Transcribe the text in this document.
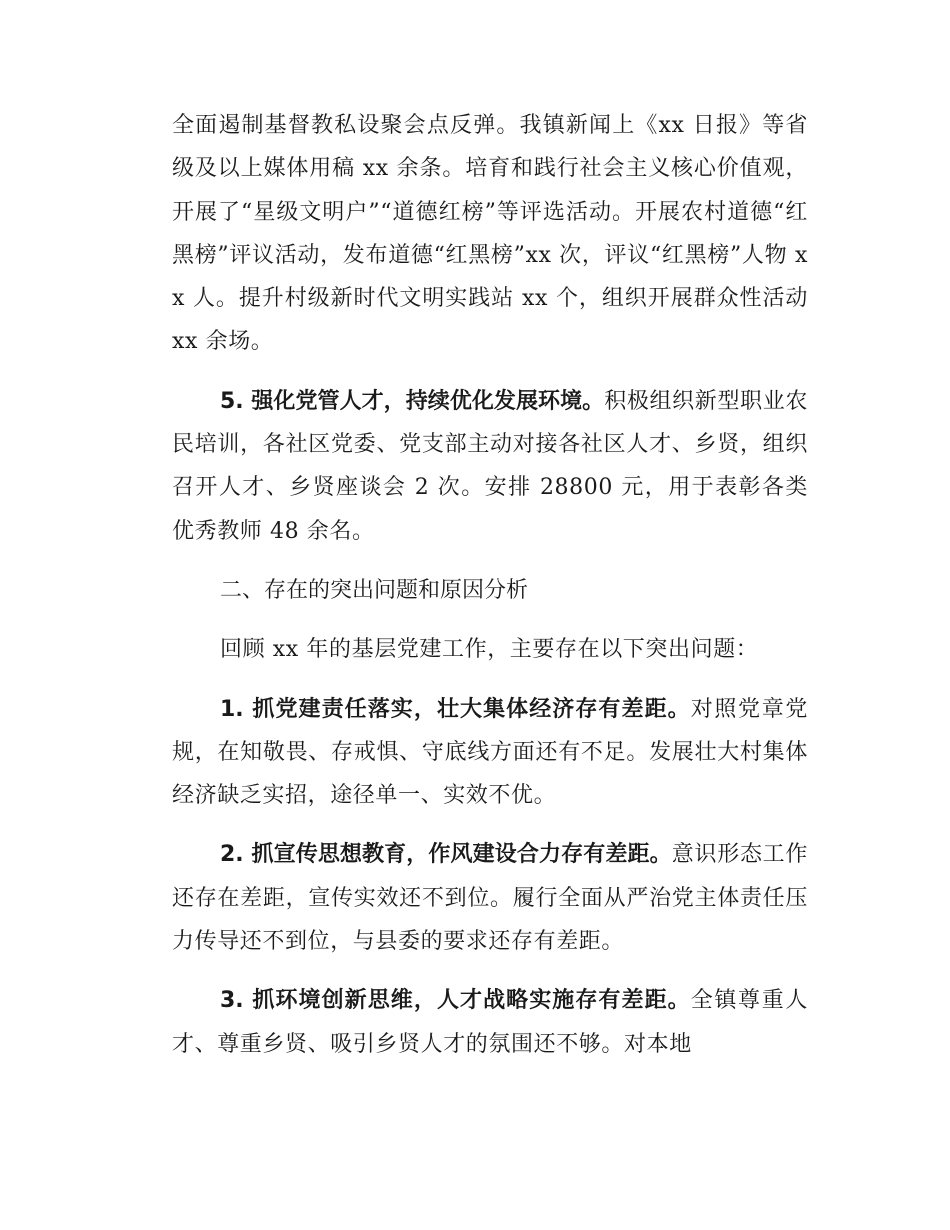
全面遏制基督教私设聚会点反弹。我镇新闻上《xx 日报》等省级及以上媒体用稿 xx 余条。培育和践行社会主义核心价值观，开展了“星级文明户”“道德红榜”等评选活动。开展农村道德“红黑榜”评议活动，发布道德“红黑榜”xx 次，评议“红黑榜”人物 xx 人。提升村级新时代文明实践站 xx 个，组织开展群众性活动 xx 余场。

5. 强化党管人才，持续优化发展环境。积极组织新型职业农民培训，各社区党委、党支部主动对接各社区人才、乡贤，组织召开人才、乡贤座谈会 2 次。安排 28800 元，用于表彰各类优秀教师 48 余名。

二、存在的突出问题和原因分析

回顾 xx 年的基层党建工作，主要存在以下突出问题：

1. 抓党建责任落实，壮大集体经济存有差距。对照党章党规，在知敬畏、存戒惧、守底线方面还有不足。发展壮大村集体经济缺乏实招，途径单一、实效不优。

2. 抓宣传思想教育，作风建设合力存有差距。意识形态工作还存在差距，宣传实效还不到位。履行全面从严治党主体责任压力传导还不到位，与县委的要求还存有差距。

3. 抓环境创新思维，人才战略实施存有差距。全镇尊重人才、尊重乡贤、吸引乡贤人才的氛围还不够。对本地
